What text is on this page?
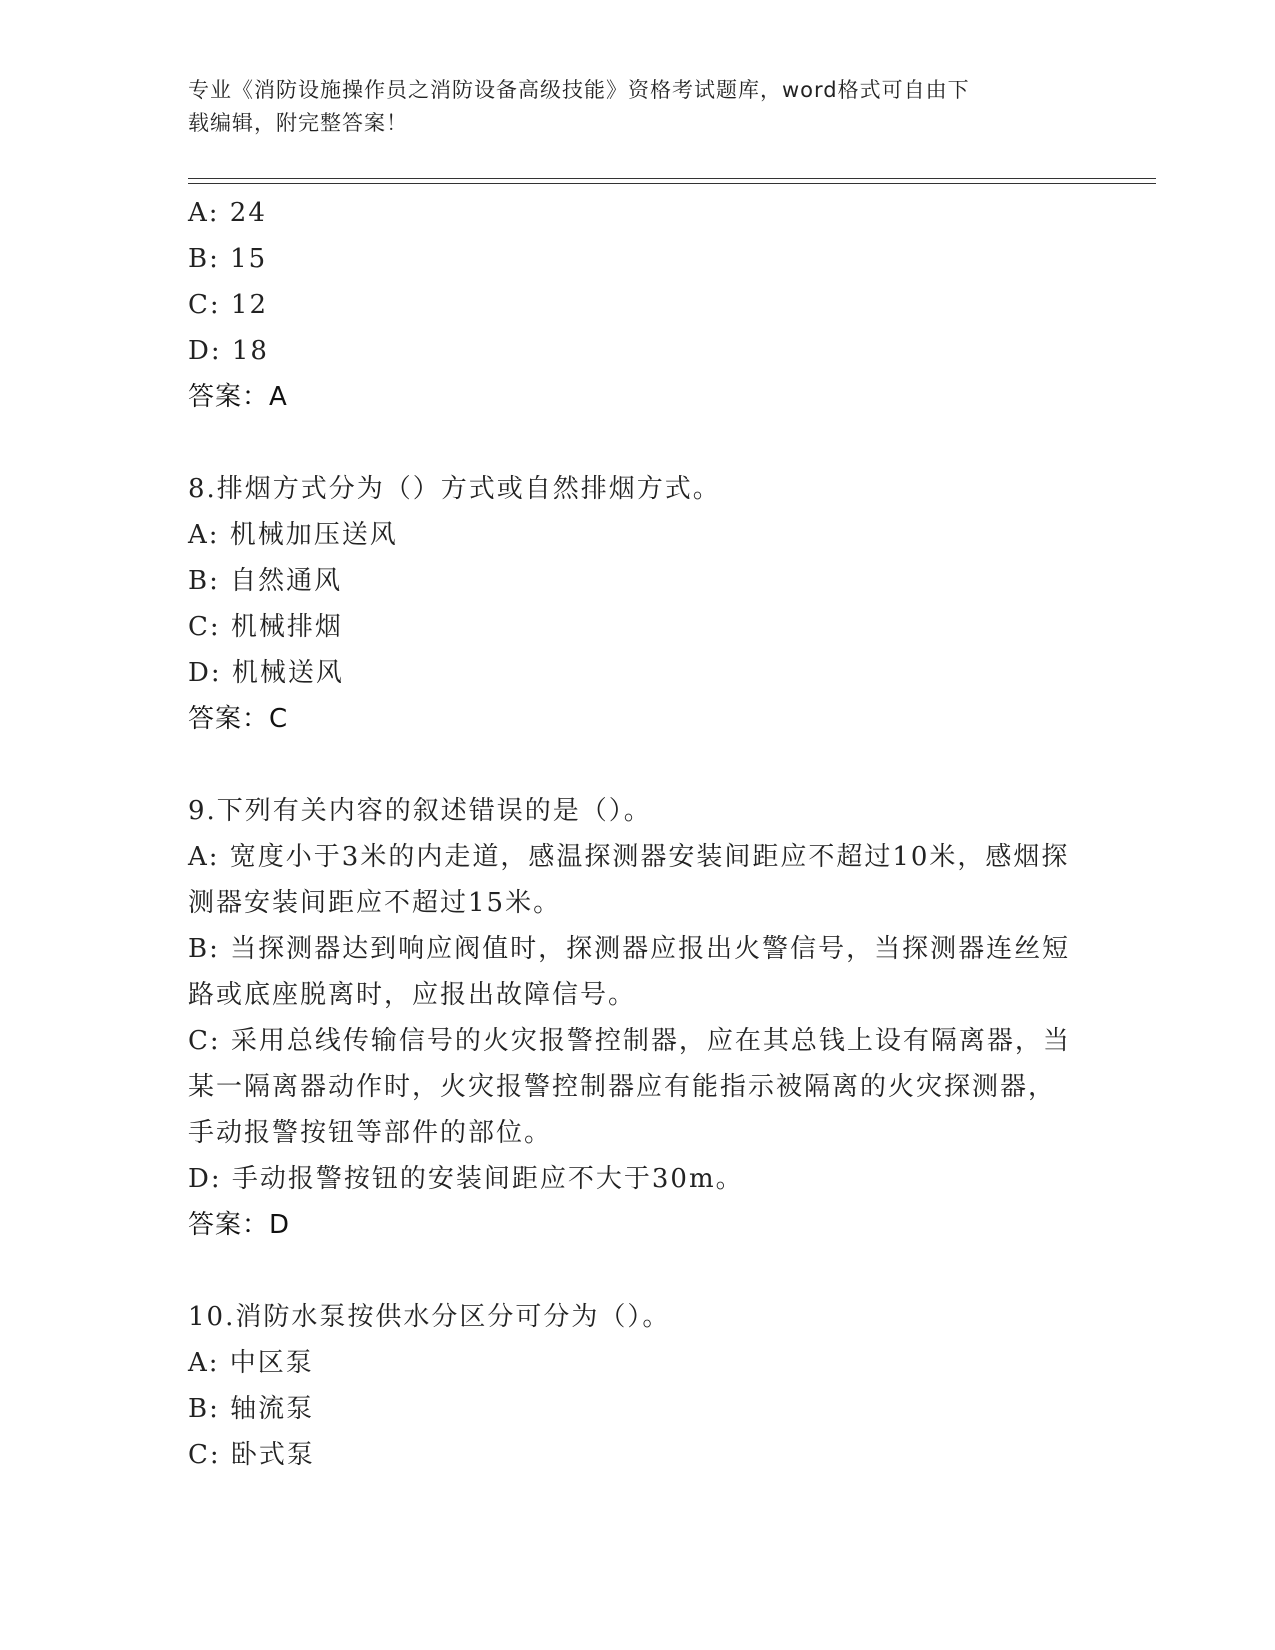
专业《消防设施操作员之消防设备高级技能》资格考试题库，word格式可自由下
载编辑，附完整答案！
A: 24
B: 15
C: 12
D: 18
答案：A
8.排烟方式分为（）方式或自然排烟方式。
A: 机械加压送风
B: 自然通风
C: 机械排烟
D: 机械送风
答案：C
9.下列有关内容的叙述错误的是（）。
A: 宽度小于3米的内走道，感温探测器安装间距应不超过10米，感烟探测器安装间距应不超过15米。
B: 当探测器达到响应阀值时，探测器应报出火警信号，当探测器连丝短路或底座脱离时，应报出故障信号。
C: 采用总线传输信号的火灾报警控制器，应在其总钱上设有隔离器，当某一隔离器动作时，火灾报警控制器应有能指示被隔离的火灾探测器，手动报警按钮等部件的部位。
D: 手动报警按钮的安装间距应不大于30m。
答案：D
10.消防水泵按供水分区分可分为（）。
A: 中区泵
B: 轴流泵
C: 卧式泵
